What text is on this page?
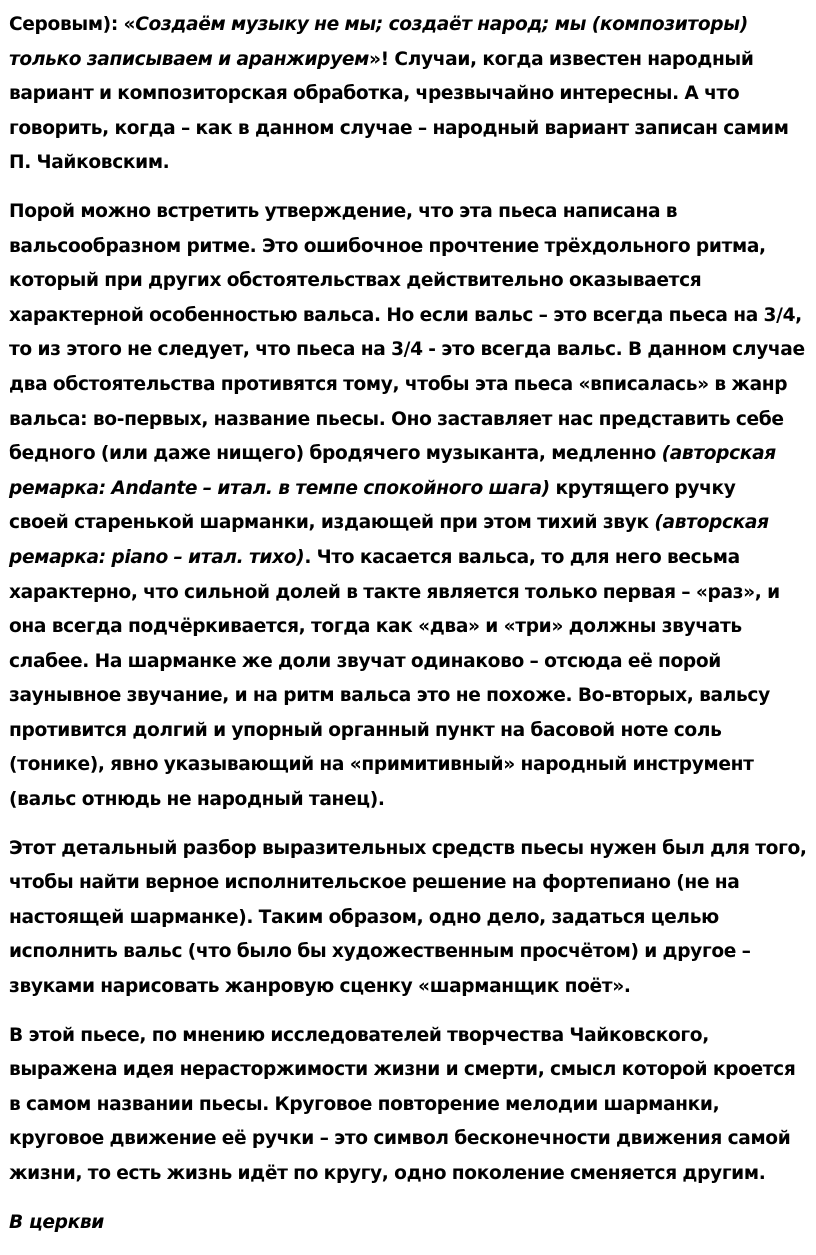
Серовым): «Создаём музыку не мы; создаёт народ; мы (композиторы)
только записываем и аранжируем»! Случаи, когда известен народный
вариант и композиторская обработка, чрезвычайно интересны. А что
говорить, когда – как в данном случае – народный вариант записан самим
П. Чайковским.

Порой можно встретить утверждение, что эта пьеса написана в
вальсообразном ритме. Это ошибочное прочтение трёхдольного ритма,
который при других обстоятельствах действительно оказывается
характерной особенностью вальса. Но если вальс – это всегда пьеса на 3/4,
то из этого не следует, что пьеса на 3/4 - это всегда вальс. В данном случае
два обстоятельства противятся тому, чтобы эта пьеса «вписалась» в жанр
вальса: во-первых, название пьесы. Оно заставляет нас представить себе
бедного (или даже нищего) бродячего музыканта, медленно (авторская
ремарка: Andante – итал. в темпе спокойного шага) крутящего ручку
своей старенькой шарманки, издающей при этом тихий звук (авторская
ремарка: piano – итал. тихо). Что касается вальса, то для него весьма
характерно, что сильной долей в такте является только первая – «раз», и
она всегда подчёркивается, тогда как «два» и «три» должны звучать
слабее. На шарманке же доли звучат одинаково – отсюда её порой
заунывное звучание, и на ритм вальса это не похоже. Во-вторых, вальсу
противится долгий и упорный органный пункт на басовой ноте соль
(тонике), явно указывающий на «примитивный» народный инструмент
(вальс отнюдь не народный танец).

Этот детальный разбор выразительных средств пьесы нужен был для того,
чтобы найти верное исполнительское решение на фортепиано (не на
настоящей шарманке). Таким образом, одно дело, задаться целью
исполнить вальс (что было бы художественным просчётом) и другое –
звуками нарисовать жанровую сценку «шарманщик поёт».

В этой пьесе, по мнению исследователей творчества Чайковского,
выражена идея нерасторжимости жизни и смерти, смысл которой кроется
в самом названии пьесы. Круговое повторение мелодии шарманки,
круговое движение её ручки – это символ бесконечности движения самой
жизни, то есть жизнь идёт по кругу, одно поколение сменяется другим.

В церкви
